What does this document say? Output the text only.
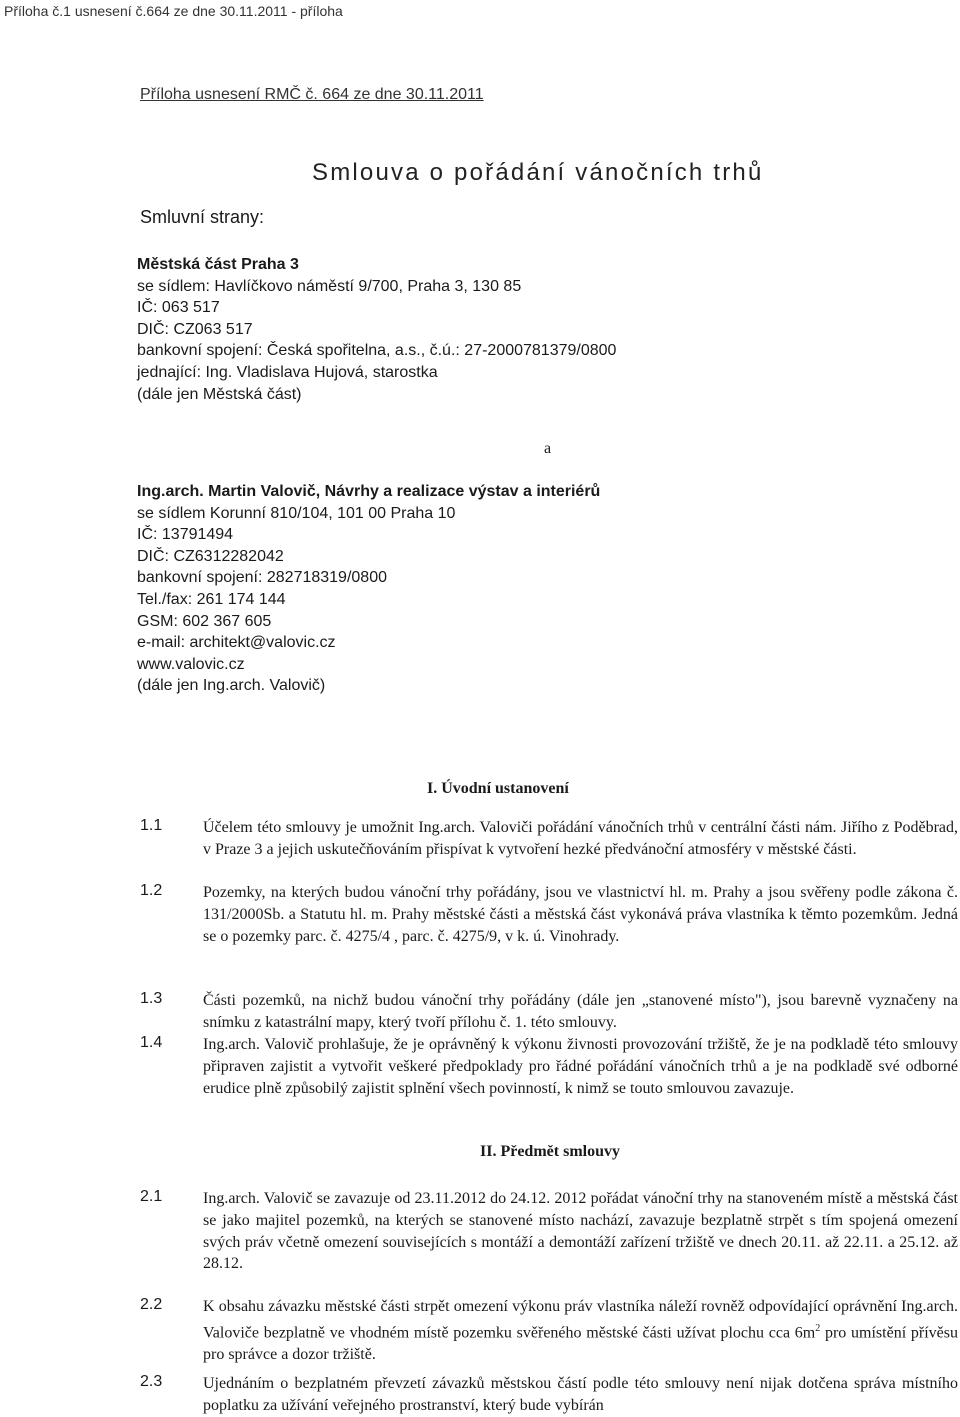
Příloha č.1 usnesení č.664 ze dne 30.11.2011 - příloha
Příloha usnesení RMČ č. 664 ze dne 30.11.2011
Smlouva o pořádání vánočních trhů
Smluvní strany:
Městská část Praha 3
se sídlem: Havlíčkovo náměstí 9/700, Praha 3, 130 85
IČ: 063 517
DIČ: CZ063 517
bankovní spojení: Česká spořitelna, a.s., č.ú.: 27-2000781379/0800
jednající: Ing. Vladislava Hujová, starostka
(dále jen Městská část)
a
Ing.arch. Martin Valovič, Návrhy a realizace výstav a interiérů
se sídlem Korunní 810/104, 101 00 Praha 10
IČ: 13791494
DIČ: CZ6312282042
bankovní spojení: 282718319/0800
Tel./fax: 261 174 144
GSM: 602 367 605
e-mail: architekt@valovic.cz
www.valovic.cz
(dále jen Ing.arch. Valovič)
I. Úvodní ustanovení
1.1	Účelem této smlouvy je umožnit Ing.arch. Valoviči pořádání vánočních trhů v centrální části nám. Jiřího z Poděbrad, v Praze 3 a jejich uskutečňováním přispívat k vytvoření hezké předvánoční atmosféry v městské části.
1.2	Pozemky, na kterých budou vánoční trhy pořádány, jsou ve vlastnictví hl. m. Prahy a jsou svěřeny podle zákona č. 131/2000Sb. a Statutu hl. m. Prahy městské části a městská část vykonává práva vlastníka k těmto pozemkům. Jedná se o pozemky parc. č. 4275/4 , parc. č. 4275/9, v k. ú. Vinohrady.
1.3	Části pozemků, na nichž budou vánoční trhy pořádány (dále jen „stanovené místo"), jsou barevně vyznačeny na snímku z katastrální mapy, který tvoří přílohu č. 1. této smlouvy.
1.4	Ing.arch. Valovič prohlašuje, že je oprávněný k výkonu živnosti provozování tržiště, že je na podkladě této smlouvy připraven zajistit a vytvořit veškeré předpoklady pro řádné pořádání vánočních trhů a je na podkladě své odborné erudice plně způsobilý zajistit splnění všech povinností, k nimž se touto smlouvou zavazuje.
II. Předmět smlouvy
2.1	Ing.arch. Valovič se zavazuje od 23.11.2012 do 24.12. 2012 pořádat vánoční trhy na stanoveném místě a městská část se jako majitel pozemků, na kterých se stanovené místo nachází, zavazuje bezplatně strpět s tím spojená omezení svých práv včetně omezení souvisejících s montáží a demontáží zařízení tržiště ve dnech 20.11. až 22.11. a 25.12. až 28.12.
2.2	K obsahu závazku městské části strpět omezení výkonu práv vlastníka náleží rovněž odpovídající oprávnění Ing.arch. Valoviče bezplatně ve vhodném místě pozemku svěřeného městské části užívat plochu cca $6m^2$ pro umístění přívěsu pro správce a dozor tržiště.
2.3	Ujednáním o bezplatném převzetí závazků městskou částí podle této smlouvy není nijak dotčena správa místního poplatku za užívání veřejného prostranství, který bude vybírán
